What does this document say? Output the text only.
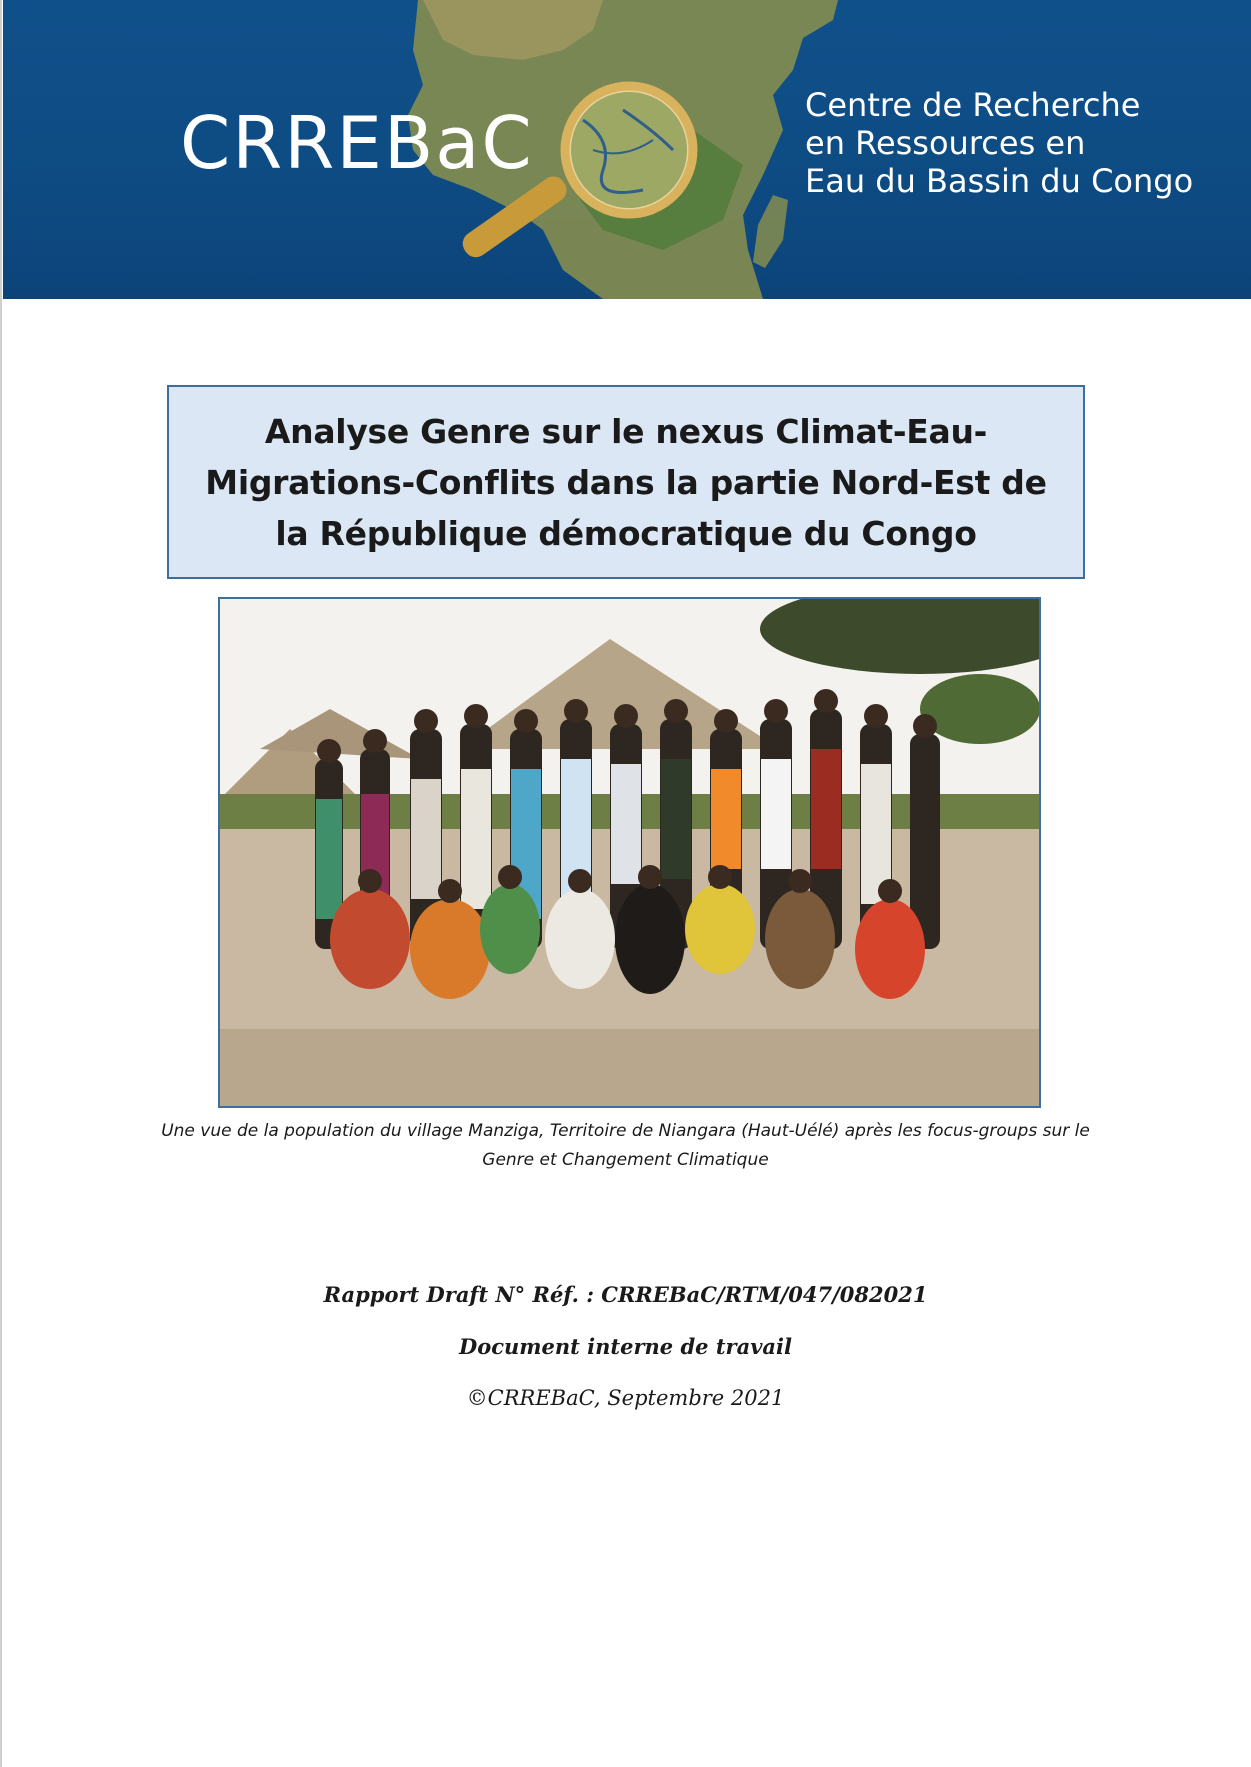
CRREBaC	Centre de Recherche
en Ressources en
Eau du Bassin du Congo
Analyse Genre sur le nexus Climat-Eau-Migrations-Conflits dans la partie Nord-Est de la République démocratique du Congo
Une vue de la population du village Manziga, Territoire de Niangara (Haut-Uélé) après les focus-groups sur le Genre et Changement Climatique
Rapport Draft N° Réf. : CRREBaC/RTM/047/082021
Document interne de travail
©CRREBaC, Septembre 2021
